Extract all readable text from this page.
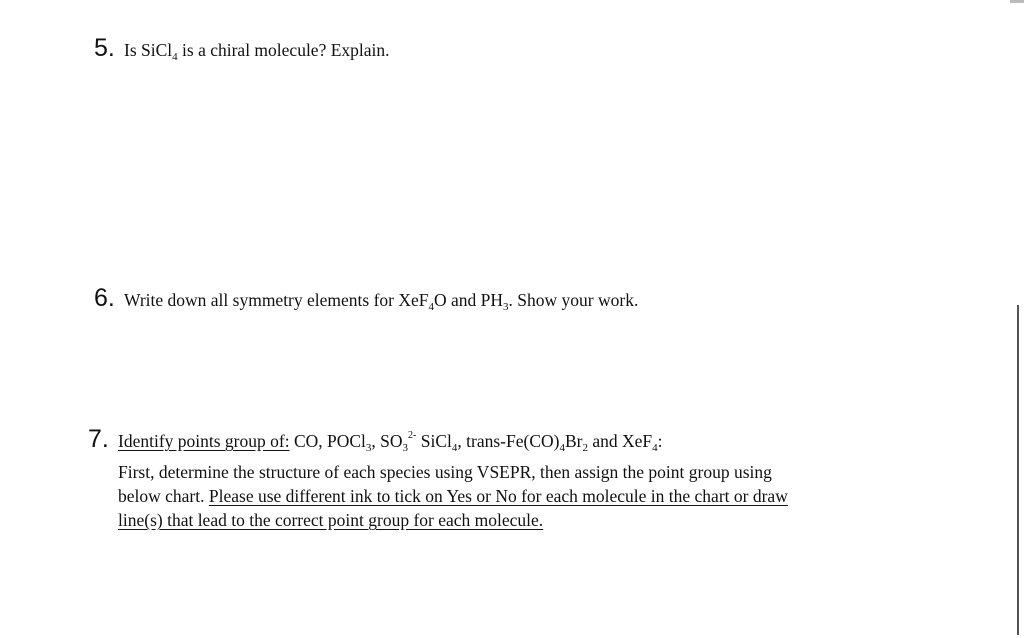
5. Is SiCl$_4$ is a chiral molecule? Explain.
6. Write down all symmetry elements for XeF$_4$O and $PH_3$. Show your work.
7. Identify points group of: CO, POCl$_3$, $SO_3^{2-}$ SiCl$_4$, trans-$Fe(CO)_4Br_2$ and XeF$_4$:
First, determine the structure of each species using VSEPR, then assign the point group using
below chart. Please use different ink to tick on Yes or No for each molecule in the chart or draw
line(s) that lead to the correct point group for each molecule.
